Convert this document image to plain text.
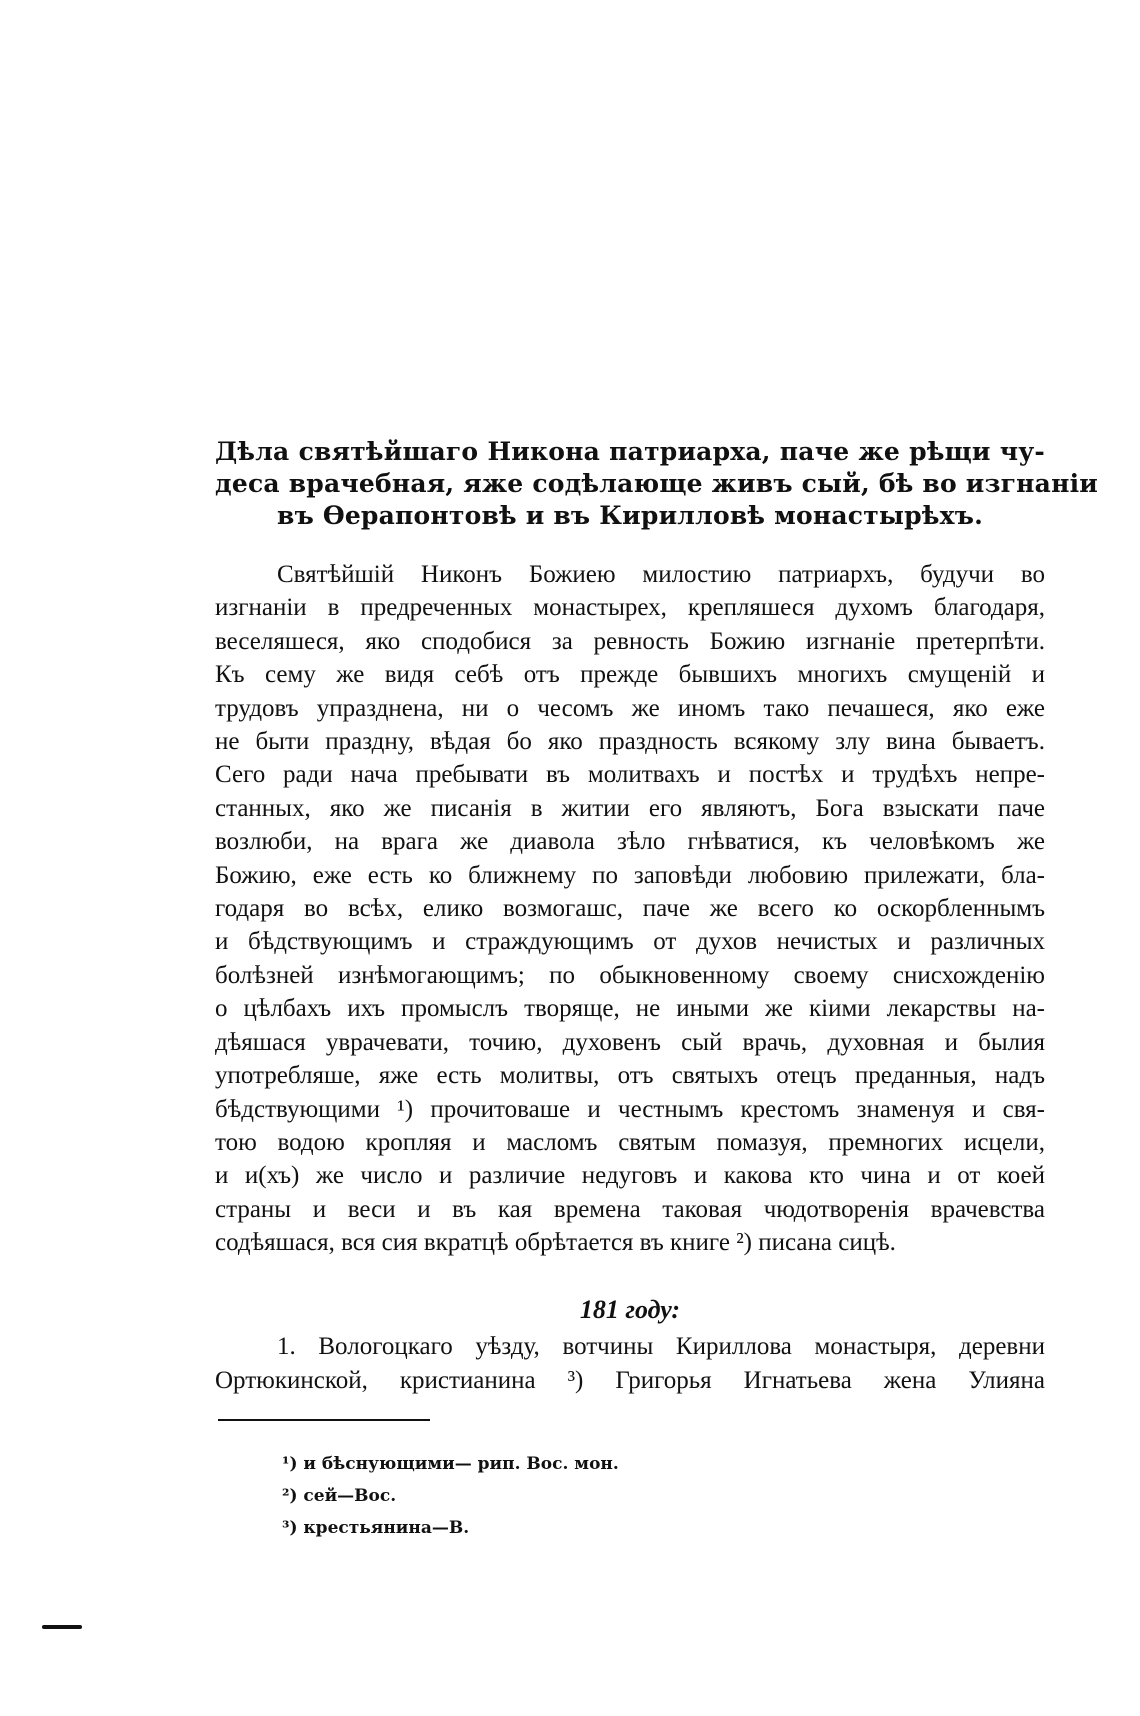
Дѣла святѣйшаго Никона патриарха, паче же рѣщи чу-
деса врачебная, яже содѣлающе живъ сый, бѣ во изгнанiи
въ Ѳерапонтовѣ и въ Кирилловѣ монастырѣхъ.
Святѣйшiй Никонъ Божиею милостию патриархъ, будучи во
изгнанiи в предреченных монастырех, крепляшеся духомъ благодаря,
веселяшеся, яко сподобися за ревность Божию изгнанiе претерпѣти.
Къ сему же видя себѣ отъ прежде бывшихъ многихъ смущенiй и
трудовъ упраздненa, ни о чесомъ же иномъ тако печашеся, яко еже
не быти праздну, вѣдая бо яко праздность всякому злу вина бываетъ.
Сего ради нача пребывати въ молитвахъ и постѣх и трудѣхъ непре-
станных, яко же писанiя в житии его являютъ, Бога взыскати паче
возлюби, на врага же диавола зѣло гнѣватися, къ человѣкомъ же
Божию, еже есть ко ближнему по заповѣди любовию прилежати, бла-
годаря во всѣх, елико возмогашс, паче же всего ко оскорбленнымъ
и бѣдствующимъ и страждующимъ от духов нечистых и различных
болѣзней изнѣмогающимъ; по обыкновенному своему снисхожденiю
о цѣлбахъ ихъ промыслъ творяще, не иными же кiими лекарствы на-
дѣяшася уврачевати, точию, духовенъ сый врачь, духовная и былия
употребляше, яже есть молитвы, отъ святыхъ отецъ преданныя, надъ
бѣдствующими ¹) прочитоваше и честнымъ крестомъ знаменуя и свя-
тою водою кропляя и масломъ святым помазуя, премногих исцели,
и и(хъ) же число и различие недуговъ и какова кто чина и от коей
страны и веси и въ кая времена таковая чюдотворенiя врачевства
содѣяшася, вся сия вкратцѣ обрѣтается въ книге ²) писана сицѣ.
181 году:
1. Вологоцкаго уѣзду, вотчины Кириллова монастыря, деревни
Ортюкинской, кристианина ³) Григорья Игнатьева жена Улияна
¹) и бѣснующими— рип. Вос. мон.
²) сей—Вос.
³) крестьянина—В.
